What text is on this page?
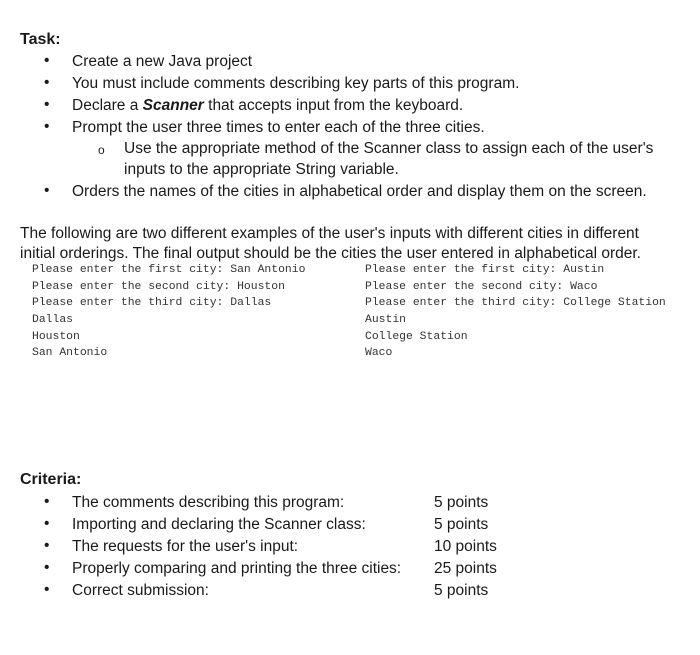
Task:
• Create a new Java project
• You must include comments describing key parts of this program.
• Declare a Scanner that accepts input from the keyboard.
• Prompt the user three times to enter each of the three cities.
o Use the appropriate method of the Scanner class to assign each of the user's
inputs to the appropriate String variable.
• Orders the names of the cities in alphabetical order and display them on the screen.
The following are two different examples of the user's inputs with different cities in different initial orderings. The final output should be the cities the user entered in alphabetical order.
Please enter the first city: San Antonio
Please enter the second city: Houston
Please enter the third city: Dallas
Dallas
Houston
San Antonio
Please enter the first city: Austin
Please enter the second city: Waco
Please enter the third city: College Station
Austin
College Station
Waco
Criteria:
• The comments describing this program:	5 points
• Importing and declaring the Scanner class:	5 points
• The requests for the user's input:	10 points
• Properly comparing and printing the three cities: 25 points
• Correct submission:	5 points
